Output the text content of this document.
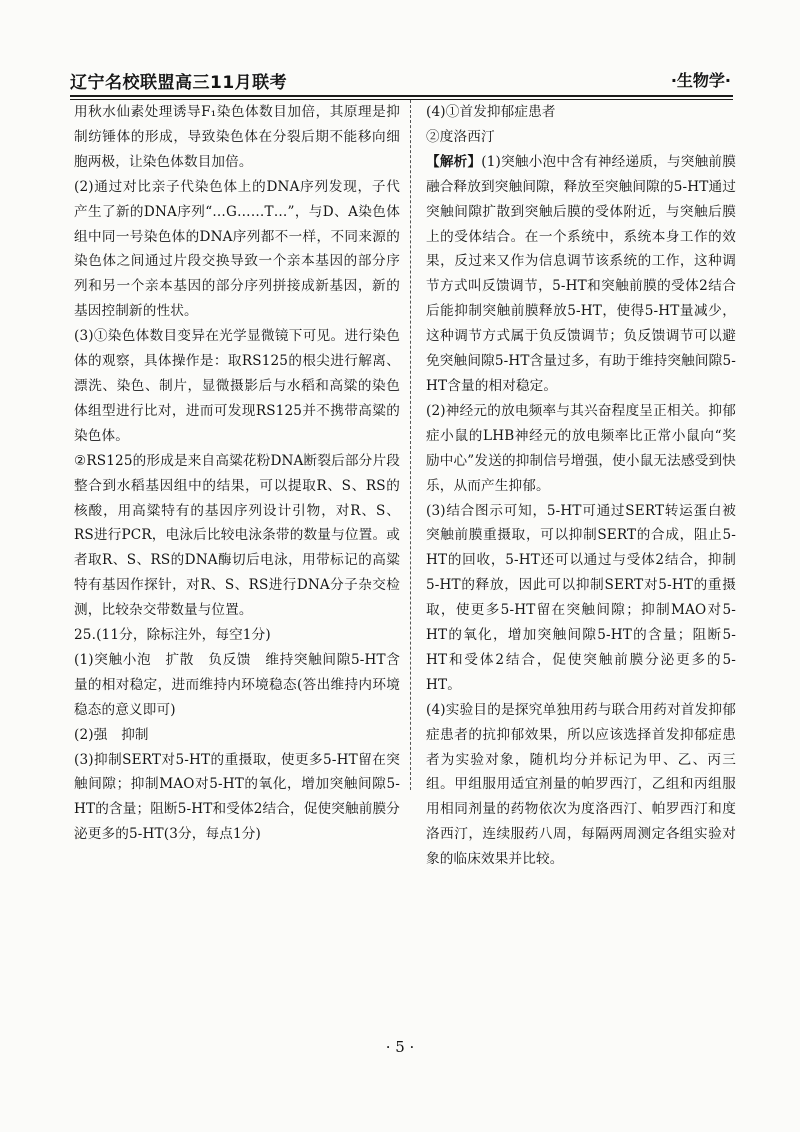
辽宁名校联盟高三11月联考	·生物学·

用秋水仙素处理诱导F₁染色体数目加倍，其原理是抑制纺锤体的形成，导致染色体在分裂后期不能移向细胞两极，让染色体数目加倍。

(2)通过对比亲子代染色体上的DNA序列发现，子代产生了新的DNA序列“…G……T…”，与D、A染色体组中同一号染色体的DNA序列都不一样，不同来源的染色体之间通过片段交换导致一个亲本基因的部分序列和另一个亲本基因的部分序列拼接成新基因，新的基因控制新的性状。

(3)①染色体数目变异在光学显微镜下可见。进行染色体的观察，具体操作是：取RS125的根尖进行解离、漂洗、染色、制片，显微摄影后与水稻和高粱的染色体组型进行比对，进而可发现RS125并不携带高粱的染色体。

②RS125的形成是来自高粱花粉DNA断裂后部分片段整合到水稻基因组中的结果，可以提取R、S、RS的核酸，用高粱特有的基因序列设计引物，对R、S、RS进行PCR，电泳后比较电泳条带的数量与位置。或者取R、S、RS的DNA酶切后电泳，用带标记的高粱特有基因作探针，对R、S、RS进行DNA分子杂交检测，比较杂交带数量与位置。

25.(11分，除标注外，每空1分)

(1)突触小泡　扩散　负反馈　维持突触间隙5-HT含量的相对稳定，进而维持内环境稳态(答出维持内环境稳态的意义即可)

(2)强　抑制

(3)抑制SERT对5-HT的重摄取，使更多5-HT留在突触间隙；抑制MAO对5-HT的氧化，增加突触间隙5-HT的含量；阻断5-HT和受体2结合，促使突触前膜分泌更多的5-HT(3分，每点1分)

(4)①首发抑郁症患者

②度洛西汀

【解析】(1)突触小泡中含有神经递质，与突触前膜融合释放到突触间隙，释放至突触间隙的5-HT通过突触间隙扩散到突触后膜的受体附近，与突触后膜上的受体结合。在一个系统中，系统本身工作的效果，反过来又作为信息调节该系统的工作，这种调节方式叫反馈调节，5-HT和突触前膜的受体2结合后能抑制突触前膜释放5-HT，使得5-HT量减少，这种调节方式属于负反馈调节；负反馈调节可以避免突触间隙5-HT含量过多，有助于维持突触间隙5-HT含量的相对稳定。

(2)神经元的放电频率与其兴奋程度呈正相关。抑郁症小鼠的LHB神经元的放电频率比正常小鼠向“奖励中心”发送的抑制信号增强，使小鼠无法感受到快乐，从而产生抑郁。

(3)结合图示可知，5-HT可通过SERT转运蛋白被突触前膜重摄取，可以抑制SERT的合成，阻止5-HT的回收，5-HT还可以通过与受体2结合，抑制5-HT的释放，因此可以抑制SERT对5-HT的重摄取，使更多5-HT留在突触间隙；抑制MAO对5-HT的氧化，增加突触间隙5-HT的含量；阻断5-HT和受体2结合，促使突触前膜分泌更多的5-HT。

(4)实验目的是探究单独用药与联合用药对首发抑郁症患者的抗抑郁效果，所以应该选择首发抑郁症患者为实验对象，随机均分并标记为甲、乙、丙三组。甲组服用适宜剂量的帕罗西汀，乙组和丙组服用相同剂量的药物依次为度洛西汀、帕罗西汀和度洛西汀，连续服药八周，每隔两周测定各组实验对象的临床效果并比较。

· 5 ·
